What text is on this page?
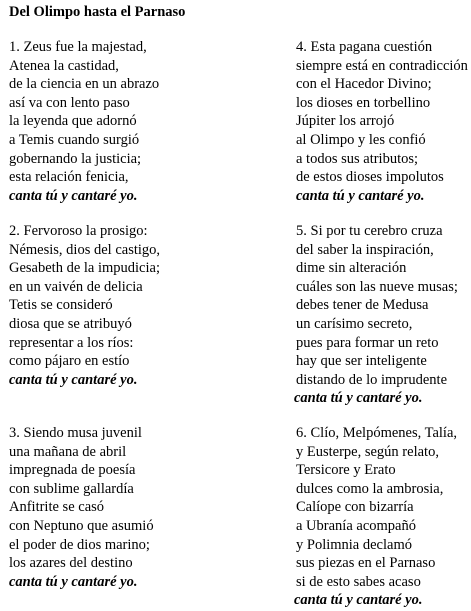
Del Olimpo hasta el Parnaso
1. Zeus fue la majestad,
Atenea la castidad,
de la ciencia en un abrazo
así va con lento paso
la leyenda que adornó
a Temis cuando surgió
gobernando la justicia;
esta relación fenicia,
canta tú y cantaré yo.
2. Fervoroso la prosigo:
Némesis, dios del castigo,
Gesabeth de la impudicia;
en un vaivén de delicia
Tetis se consideró
diosa que se atribuyó
representar a los ríos:
como pájaro en estío
canta tú y cantaré yo.
3. Siendo musa juvenil
una mañana de abril
impregnada de poesía
con sublime gallardía
Anfitrite se casó
con Neptuno que asumió
el poder de dios marino;
los azares del destino
canta tú y cantaré yo.
4. Esta pagana cuestión
siempre está en contradicción
con el Hacedor Divino;
los dioses en torbellino
Júpiter los arrojó
al Olimpo y les confió
a todos sus atributos;
de estos dioses impolutos
canta tú y cantaré yo.
5. Si por tu cerebro cruza
del saber la inspiración,
dime sin alteración
cuáles son las nueve musas;
debes tener de Medusa
un carísimo secreto,
pues para formar un reto
hay que ser inteligente
distando de lo imprudente
canta tú y cantaré yo.
6. Clío, Melpómenes, Talía,
y Eusterpe, según relato,
Tersicore y Erato
dulces como la ambrosia,
Calíope con bizarría
a Ubranía acompañó
y Polimnia declamó
sus piezas en el Parnaso
si de esto sabes acaso
canta tú y cantaré yo.
